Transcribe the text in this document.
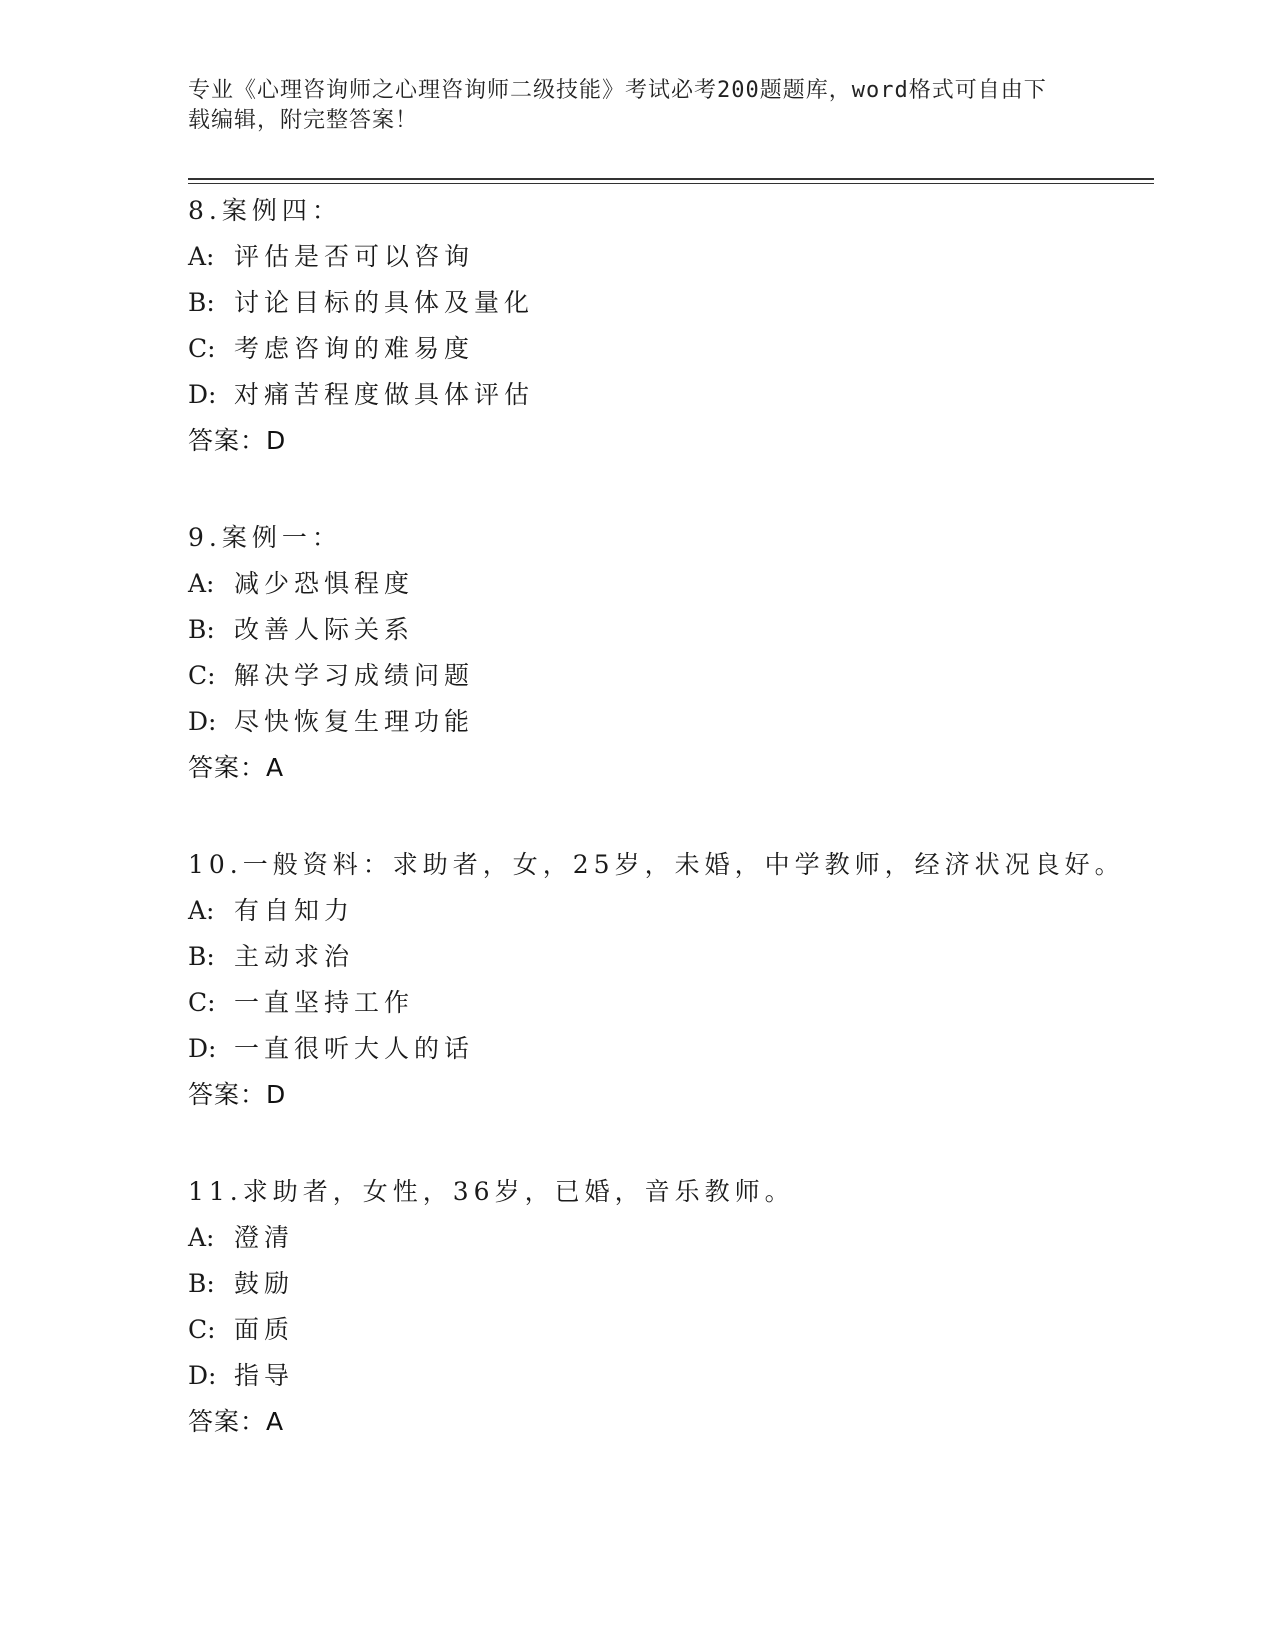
专业《心理咨询师之心理咨询师二级技能》考试必考200题题库，word格式可自由下载编辑，附完整答案！
8.案例四：
A: 评估是否可以咨询
B: 讨论目标的具体及量化
C: 考虑咨询的难易度
D: 对痛苦程度做具体评估
答案：D
9.案例一：
A: 减少恐惧程度
B: 改善人际关系
C: 解决学习成绩问题
D: 尽快恢复生理功能
答案：A
10.一般资料：求助者，女，25岁，未婚，中学教师，经济状况良好。
A: 有自知力
B: 主动求治
C: 一直坚持工作
D: 一直很听大人的话
答案：D
11.求助者，女性，36岁，已婚，音乐教师。
A: 澄清
B: 鼓励
C: 面质
D: 指导
答案：A
